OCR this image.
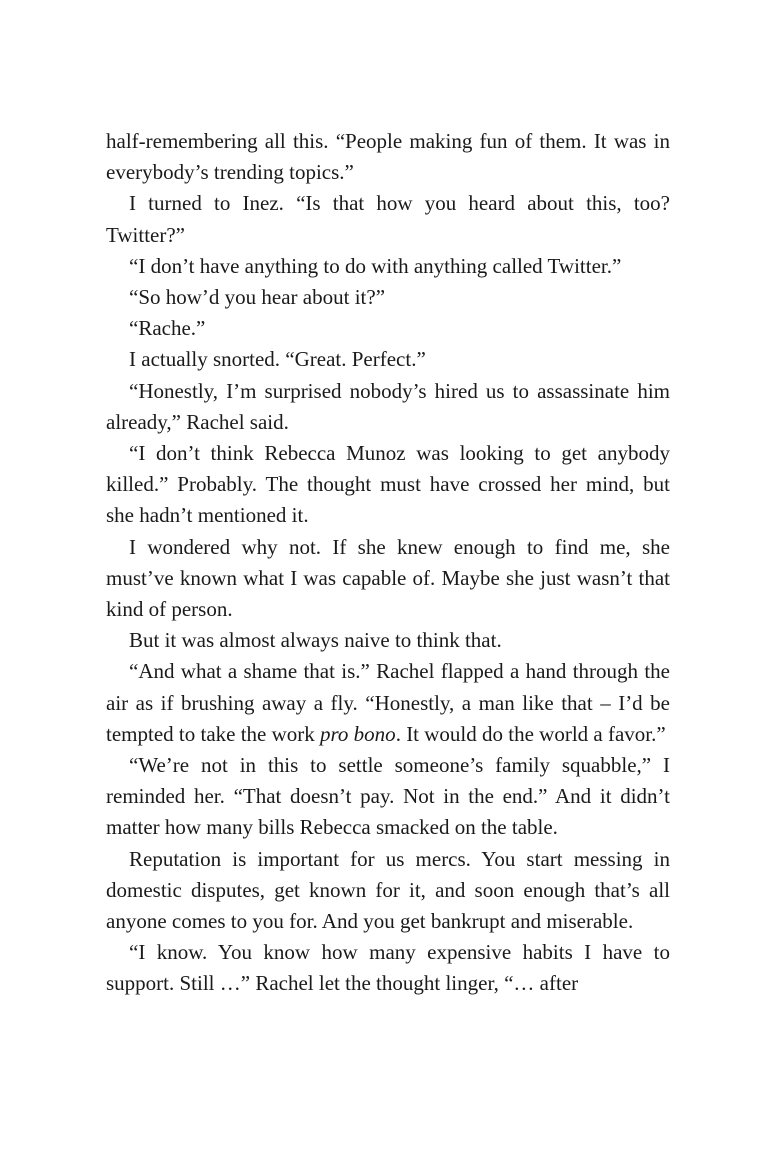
half-remembering all this. “People making fun of them. It was in everybody’s trending topics.”

I turned to Inez. “Is that how you heard about this, too? Twitter?”

“I don’t have anything to do with anything called Twitter.”

“So how’d you hear about it?”

“Rache.”

I actually snorted. “Great. Perfect.”

“Honestly, I’m surprised nobody’s hired us to assassinate him already,” Rachel said.

“I don’t think Rebecca Munoz was looking to get anybody killed.” Probably. The thought must have crossed her mind, but she hadn’t mentioned it.

I wondered why not. If she knew enough to find me, she must’ve known what I was capable of. Maybe she just wasn’t that kind of person.

But it was almost always naive to think that.

“And what a shame that is.” Rachel flapped a hand through the air as if brushing away a fly. “Honestly, a man like that – I’d be tempted to take the work pro bono. It would do the world a favor.”

“We’re not in this to settle someone’s family squabble,” I reminded her. “That doesn’t pay. Not in the end.” And it didn’t matter how many bills Rebecca smacked on the table.

Reputation is important for us mercs. You start messing in domestic disputes, get known for it, and soon enough that’s all anyone comes to you for. And you get bankrupt and miserable.

“I know. You know how many expensive habits I have to support. Still …” Rachel let the thought linger, “… after
